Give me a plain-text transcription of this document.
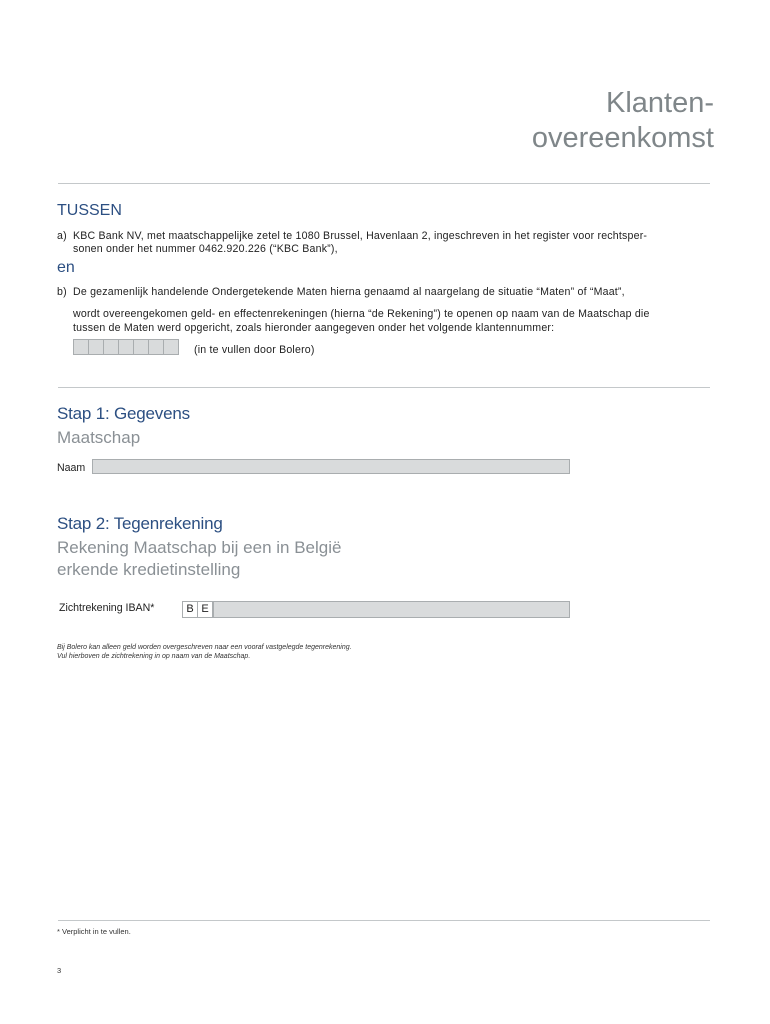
Klanten-
overeenkomst
TUSSEN
a) KBC Bank NV, met maatschappelijke zetel te 1080 Brussel, Havenlaan 2, ingeschreven in het register voor rechtsper-
sonen onder het nummer 0462.920.226 (“KBC Bank”),
en
b) De gezamenlijk handelende Ondergetekende Maten hierna genaamd al naargelang de situatie “Maten” of “Maat”,
wordt overeengekomen geld- en effectenrekeningen (hierna “de Rekening”) te openen op naam van de Maatschap die
tussen de Maten werd opgericht, zoals hieronder aangegeven onder het volgende klantennummer:
(in te vullen door Bolero)
Stap 1: Gegevens
Maatschap
Naam
Stap 2: Tegenrekening
Rekening Maatschap bij een in België
erkende kredietinstelling
Zichtrekening IBAN*	B E
Bij Bolero kan alleen geld worden overgeschreven naar een vooraf vastgelegde tegenrekening.
Vul hierboven de zichtrekening in op naam van de Maatschap.
* Verplicht in te vullen.
3
